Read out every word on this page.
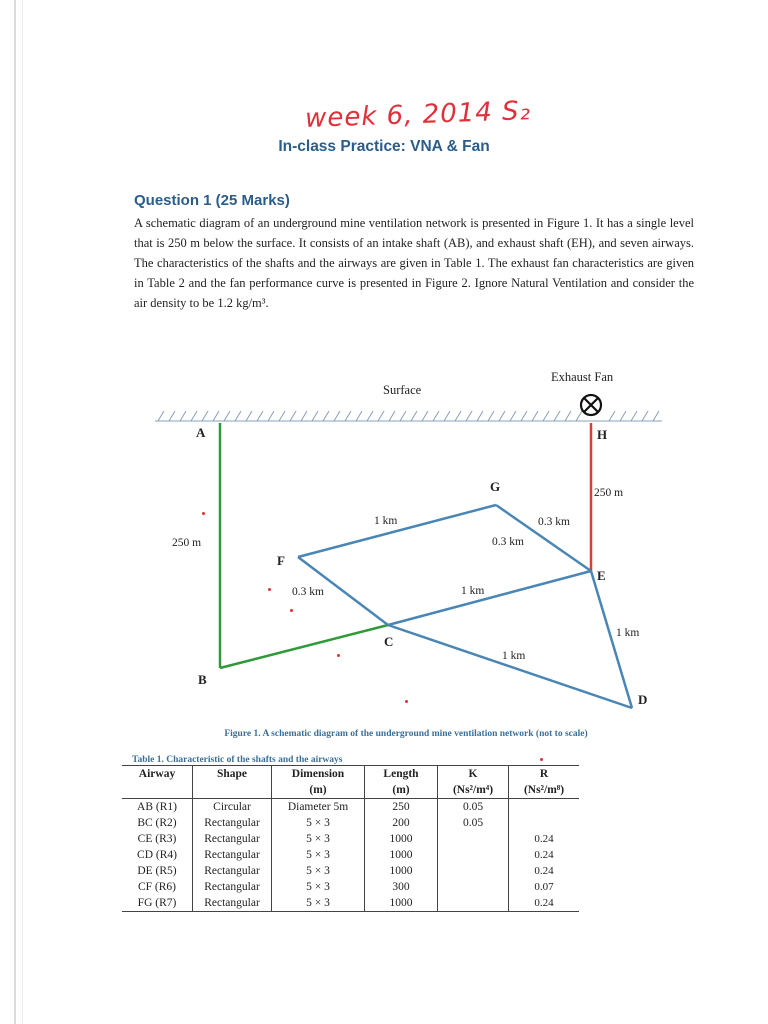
week 6, 2014 S₂
In-class Practice: VNA & Fan
Question 1 (25 Marks)
A schematic diagram of an underground mine ventilation network is presented in Figure 1. It has a single level that is 250 m below the surface. It consists of an intake shaft (AB), and exhaust shaft (EH), and seven airways. The characteristics of the shafts and the airways are given in Table 1. The exhaust fan characteristics are given in Table 2 and the fan performance curve is presented in Figure 2. Ignore Natural Ventilation and consider the air density to be 1.2 kg/m³.
Surface
Exhaust Fan
A
B
C
D
E
F
G
H
250 m
250 m
1 km	0.3 km
0.3 km
0.3 km	1 km
1 km
1 km
Figure 1. A schematic diagram of the underground mine ventilation network (not to scale)
Table 1. Characteristic of the shafts and the airways
Airway	Shape	Dimension	Length	K	R
		(m)	(m)	(Ns²/m⁴)	(Ns²/m⁸)
AB (R1)	Circular	Diameter 5m	250	0.05	
BC (R2)	Rectangular	5 × 3	200	0.05	
CE (R3)	Rectangular	5 × 3	1000		0.24
CD (R4)	Rectangular	5 × 3	1000		0.24
DE (R5)	Rectangular	5 × 3	1000		0.24
CF (R6)	Rectangular	5 × 3	300		0.07
FG (R7)	Rectangular	5 × 3	1000		0.24
